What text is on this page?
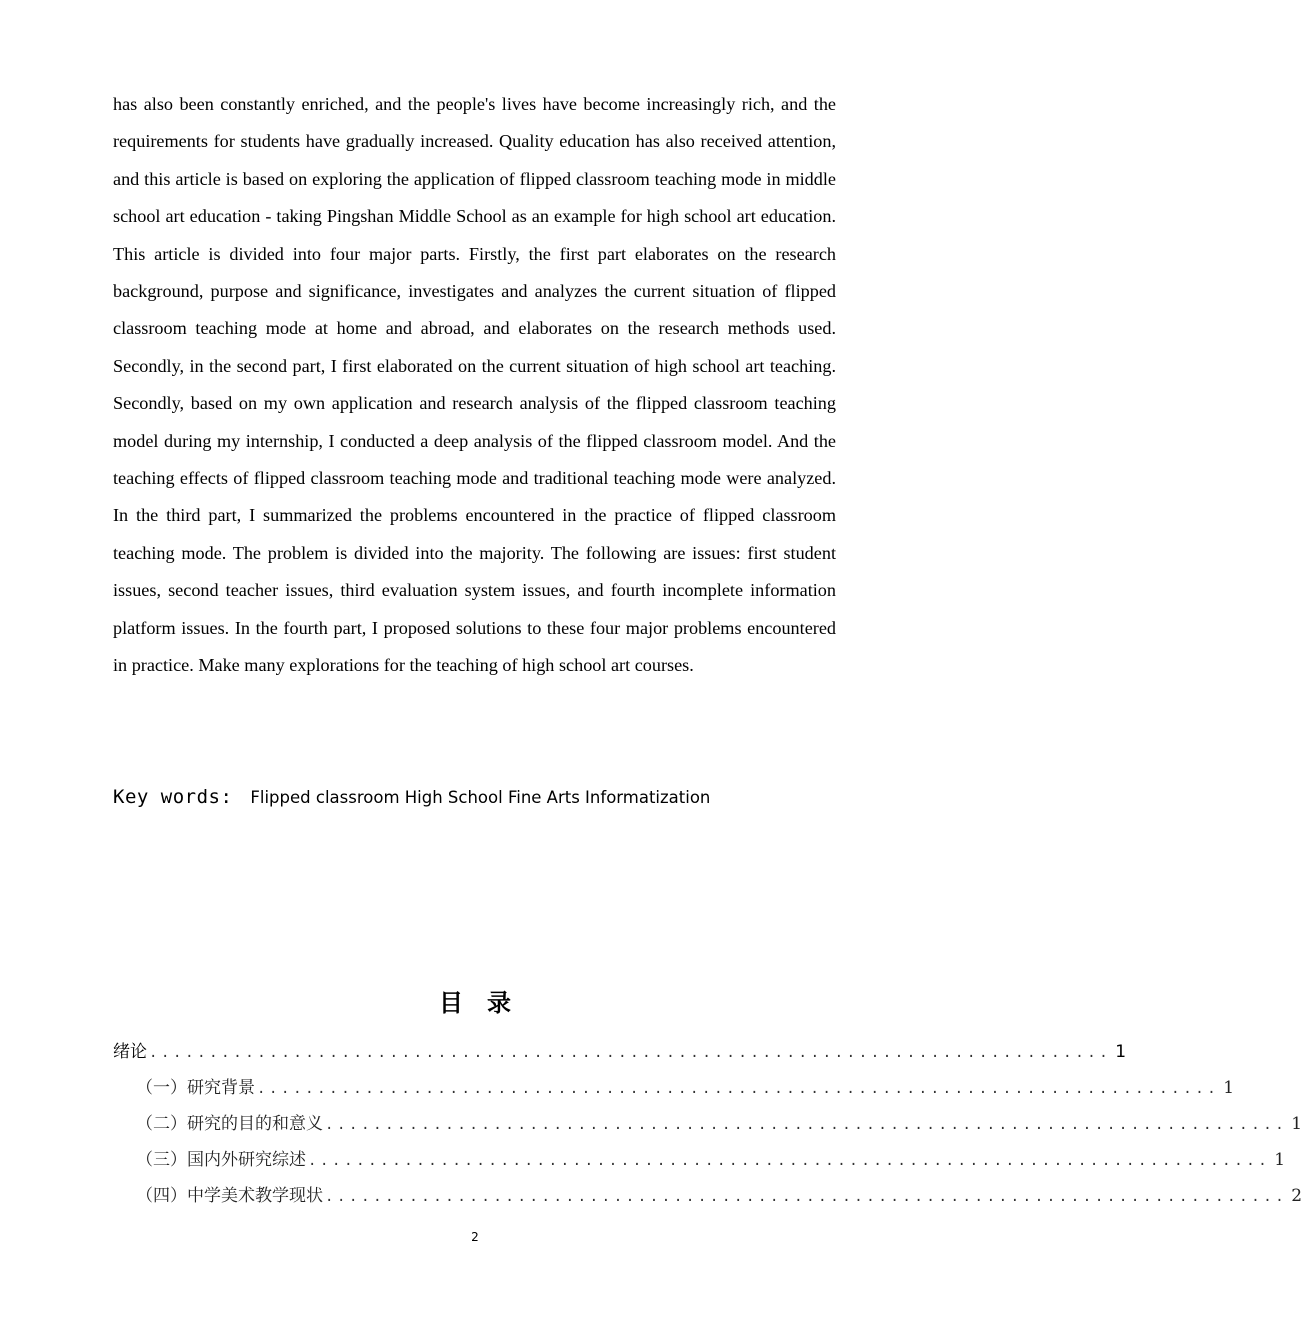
has also been constantly enriched, and the people's lives have become increasingly rich, and the requirements for students have gradually increased. Quality education has also received attention, and this article is based on exploring the application of flipped classroom teaching mode in middle school art education - taking Pingshan Middle School as an example for high school art education. This article is divided into four major parts. Firstly, the first part elaborates on the research background, purpose and significance, investigates and analyzes the current situation of flipped classroom teaching mode at home and abroad, and elaborates on the research methods used. Secondly, in the second part, I first elaborated on the current situation of high school art teaching. Secondly, based on my own application and research analysis of the flipped classroom teaching model during my internship, I conducted a deep analysis of the flipped classroom model. And the teaching effects of flipped classroom teaching mode and traditional teaching mode were analyzed. In the third part, I summarized the problems encountered in the practice of flipped classroom teaching mode. The problem is divided into the majority. The following are issues: first student issues, second teacher issues, third evaluation system issues, and fourth incomplete information platform issues. In the fourth part, I proposed solutions to these four major problems encountered in practice. Make many explorations for the teaching of high school art courses.

Key words: Flipped classroom High School Fine Arts Informatization
目录
绪论 ................................................................................ 1
（一）研究背景 ................................................................................ 1
（二）研究的目的和意义 ................................................................................ 1
（三）国内外研究综述 ................................................................................ 1
（四）中学美术教学现状 ................................................................................ 2
2
